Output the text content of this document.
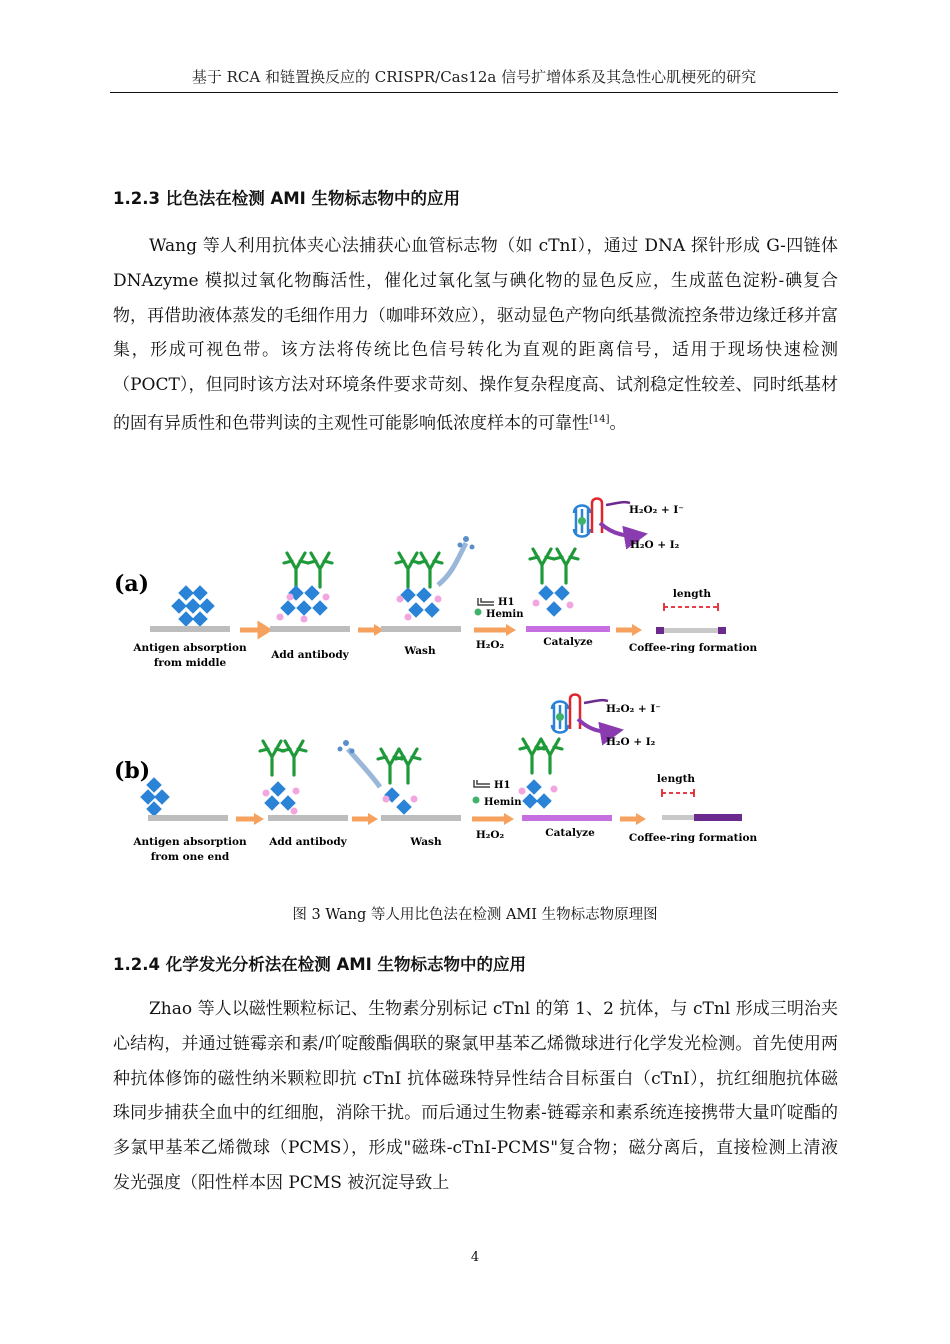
基于 RCA 和链置换反应的 CRISPR/Cas12a 信号扩增体系及其急性心肌梗死的研究
1.2.3 比色法在检测 AMI 生物标志物中的应用
Wang 等人利用抗体夹心法捕获心血管标志物（如 cTnI），通过 DNA 探针形成 G-四链体 DNAzyme 模拟过氧化物酶活性，催化过氧化氢与碘化物的显色反应，生成蓝色淀粉-碘复合物，再借助液体蒸发的毛细作用力（咖啡环效应），驱动显色产物向纸基微流控条带边缘迁移并富集，形成可视色带。该方法将传统比色信号转化为直观的距离信号，适用于现场快速检测（POCT），但同时该方法对环境条件要求苛刻、操作复杂程度高、试剂稳定性较差、同时纸基材的固有异质性和色带判读的主观性可能影响低浓度样本的可靠性[14]。
(a)
Antigen absorption
from middle
Add antibody	Wash
H1
Hemin
H₂O₂	Catalyze
H₂O₂ + I⁻
H₂O + I₂
length
Coffee-ring formation
(b)
Antigen absorption
from one end
Add antibody	Wash
H1
Hemin
H₂O₂	Catalyze
H₂O₂ + I⁻
H₂O + I₂
length
Coffee-ring formation
图 3 Wang 等人用比色法在检测 AMI 生物标志物原理图
1.2.4 化学发光分析法在检测 AMI 生物标志物中的应用
Zhao 等人以磁性颗粒标记、生物素分别标记 cTnl 的第 1、2 抗体，与 cTnl 形成三明治夹心结构，并通过链霉亲和素/吖啶酸酯偶联的聚氯甲基苯乙烯微球进行化学发光检测。首先使用两种抗体修饰的磁性纳米颗粒即抗 cTnI 抗体磁珠特异性结合目标蛋白（cTnI），抗红细胞抗体磁珠同步捕获全血中的红细胞，消除干扰。而后通过生物素-链霉亲和素系统连接携带大量吖啶酯的多氯甲基苯乙烯微球（PCMS），形成"磁珠-cTnI-PCMS"复合物；磁分离后，直接检测上清液发光强度（阳性样本因 PCMS 被沉淀导致上
4
